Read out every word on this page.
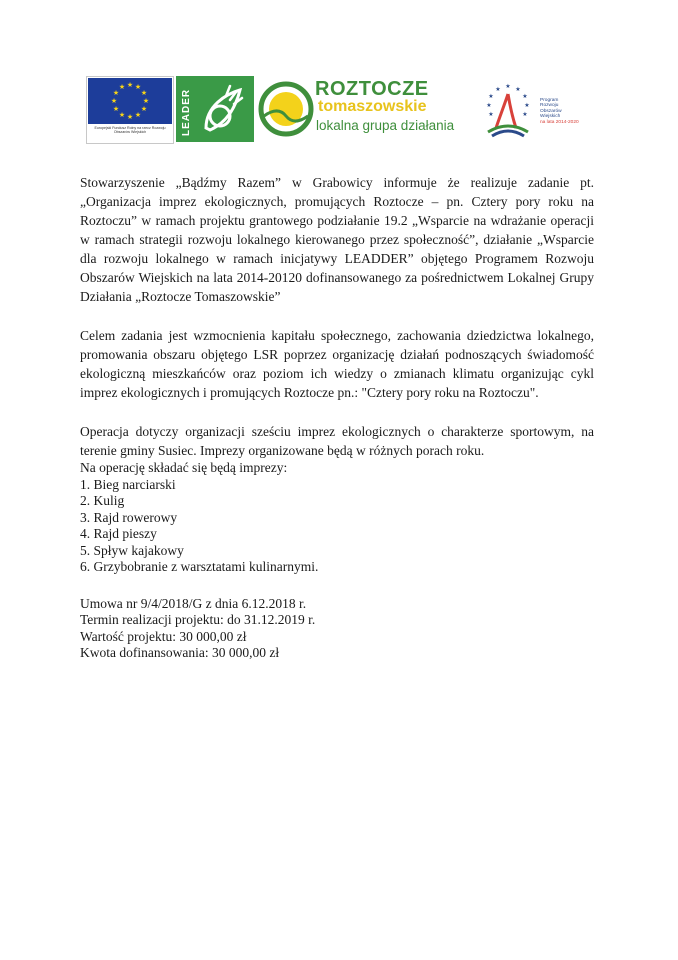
★ ★
★
★
★
★
★
★
★
★
★
★
Europejski Fundusz Rolny na rzecz Rozwoju Obszarów Wiejskich	LEADER	ROZTOCZE
tomaszowskie
lokalna grupa działania
★ ★
★
★
★
★
★
★	★
Program
Rozwoju
Obszarów
Wiejskich
na lata 2014-2020

Stowarzyszenie „Bądźmy Razem” w Grabowicy informuje że realizuje zadanie pt. „Organizacja imprez ekologicznych, promujących Roztocze – pn. Cztery pory roku na Roztoczu” w ramach projektu grantowego podziałanie 19.2 „Wsparcie na wdrażanie operacji w ramach strategii rozwoju lokalnego kierowanego przez społeczność”, działanie „Wsparcie dla rozwoju lokalnego w ramach inicjatywy LEADDER” objętego Programem Rozwoju Obszarów Wiejskich na lata 2014-20120 dofinansowanego za pośrednictwem Lokalnej Grupy Działania „Roztocze Tomaszowskie”

Celem zadania jest wzmocnienia kapitału społecznego, zachowania dziedzictwa lokalnego, promowania obszaru objętego LSR poprzez organizację działań podnoszących świadomość ekologiczną mieszkańców oraz poziom ich wiedzy o zmianach klimatu organizując cykl imprez ekologicznych i promujących Roztocze pn.: "Cztery pory roku na Roztoczu".

Operacja dotyczy organizacji sześciu imprez ekologicznych o charakterze sportowym, na terenie gminy Susiec. Imprezy organizowane będą w różnych porach roku.

Na operację składać się będą imprezy:

1. Bieg narciarski

2. Kulig

3. Rajd rowerowy

4. Rajd pieszy

5. Spływ kajakowy

6. Grzybobranie z warsztatami kulinarnymi.

Umowa nr 9/4/2018/G z dnia 6.12.2018 r.

Termin realizacji projektu: do 31.12.2019 r.

Wartość projektu: 30 000,00 zł

Kwota dofinansowania: 30 000,00 zł
